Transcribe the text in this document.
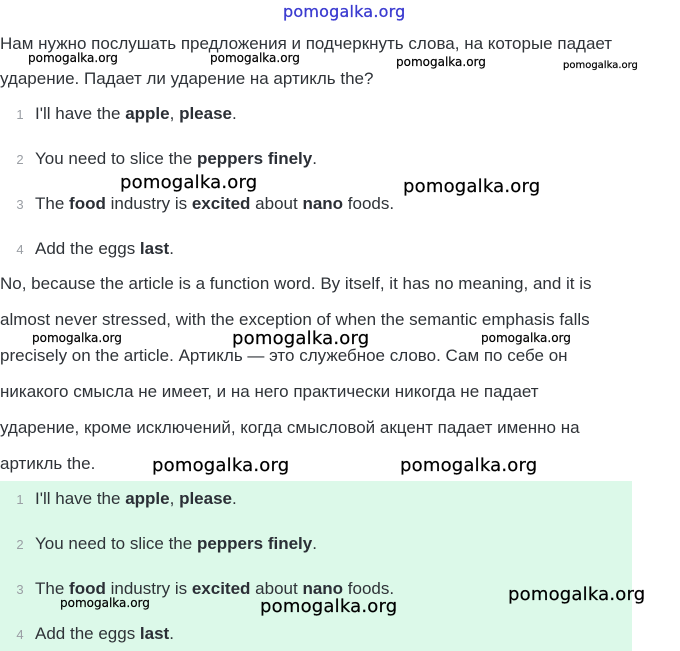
pomogalka.org
Нам нужно послушать предложения и подчеркнуть слова, на которые падает
ударение. Падает ли ударение на артикль the?
1 I'll have the apple, please.
2 You need to slice the peppers finely.
3 The food industry is excited about nano foods.
4 Add the eggs last.
No, because the article is a function word. By itself, it has no meaning, and it is
almost never stressed, with the exception of when the semantic emphasis falls
precisely on the article. Артикль — это служебное слово. Сам по себе он
никакого смысла не имеет, и на него практически никогда не падает
ударение, кроме исключений, когда смысловой акцент падает именно на
артикль the.
1 I'll have the apple, please.
2 You need to slice the peppers finely.
3 The food industry is excited about nano foods.
4 Add the eggs last.
pomogalka.org	pomogalka.org	pomogalka.org	pomogalka.org
pomogalka.org	pomogalka.org
pomogalka.org	pomogalka.org	pomogalka.org
pomogalka.org	pomogalka.org
pomogalka.org
pomogalka.org	pomogalka.org
